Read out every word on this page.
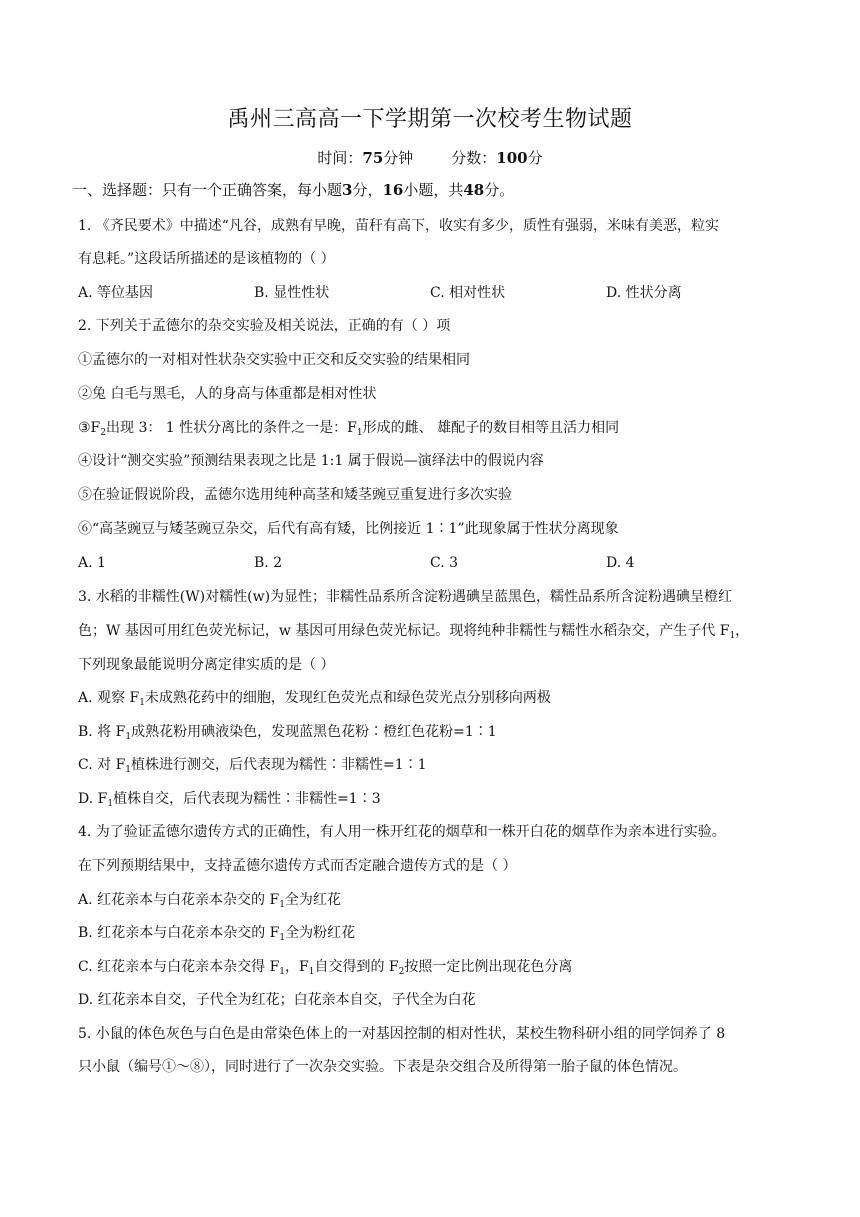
禹州三高高一下学期第一次校考生物试题
时间：75分钟	分数：100分
一、选择题：只有一个正确答案，每小题3分，16小题，共48分。
1. 《齐民要术》中描述“凡谷，成熟有早晚，苗秆有高下，收实有多少，质性有强弱，米味有美恶，粒实
有息耗。”这段话所描述的是该植物的（ ）
A. 等位基因	B. 显性性状	C. 相对性状	D. 性状分离
2. 下列关于孟德尔的杂交实验及相关说法，正确的有（ ）项
①孟德尔的一对相对性状杂交实验中正交和反交实验的结果相同
②兔 白毛与黑毛，人的身高与体重都是相对性状
$③F_2$出现 3： 1 性状分离比的条件之一是：$F_1$形成的雌、 雄配子的数目相等且活力相同
④设计“测交实验”预测结果表现之比是 1:1 属于假说—演绎法中的假说内容
⑤在验证假说阶段，孟德尔选用纯种高茎和矮茎豌豆重复进行多次实验
⑥“高茎豌豆与矮茎豌豆杂交，后代有高有矮，比例接近 1∶1”此现象属于性状分离现象
A. 1	B. 2	C. 3	D. 4
3. 水稻的非糯性(W)对糯性(w)为显性；非糯性品系所含淀粉遇碘呈蓝黑色，糯性品系所含淀粉遇碘呈橙红
色；W 基因可用红色荧光标记，w 基因可用绿色荧光标记。现将纯种非糯性与糯性水稻杂交，产生子代 $F_1$，
下列现象最能说明分离定律实质的是（ ）
A. 观察 $F_1$未成熟花药中的细胞，发现红色荧光点和绿色荧光点分别移向两极
B. 将 $F_1$成熟花粉用碘液染色，发现蓝黑色花粉∶橙红色花粉=1∶1
C. 对 $F_1$植株进行测交，后代表现为糯性∶非糯性=1∶1
D. $F_1$植株自交，后代表现为糯性∶非糯性=1∶3
4. 为了验证孟德尔遗传方式的正确性，有人用一株开红花的烟草和一株开白花的烟草作为亲本进行实验。
在下列预期结果中，支持孟德尔遗传方式而否定融合遗传方式的是（ ）
A. 红花亲本与白花亲本杂交的 $F_1$全为红花
B. 红花亲本与白花亲本杂交的 $F_1$全为粉红花
C. 红花亲本与白花亲本杂交得 $F_1$，$F_1$自交得到的 $F_2$按照一定比例出现花色分离
D. 红花亲本自交，子代全为红花；白花亲本自交，子代全为白花
5. 小鼠的体色灰色与白色是由常染色体上的一对基因控制的相对性状，某校生物科研小组的同学饲养了 8
只小鼠（编号①～⑧），同时进行了一次杂交实验。下表是杂交组合及所得第一胎子鼠的体色情况。
